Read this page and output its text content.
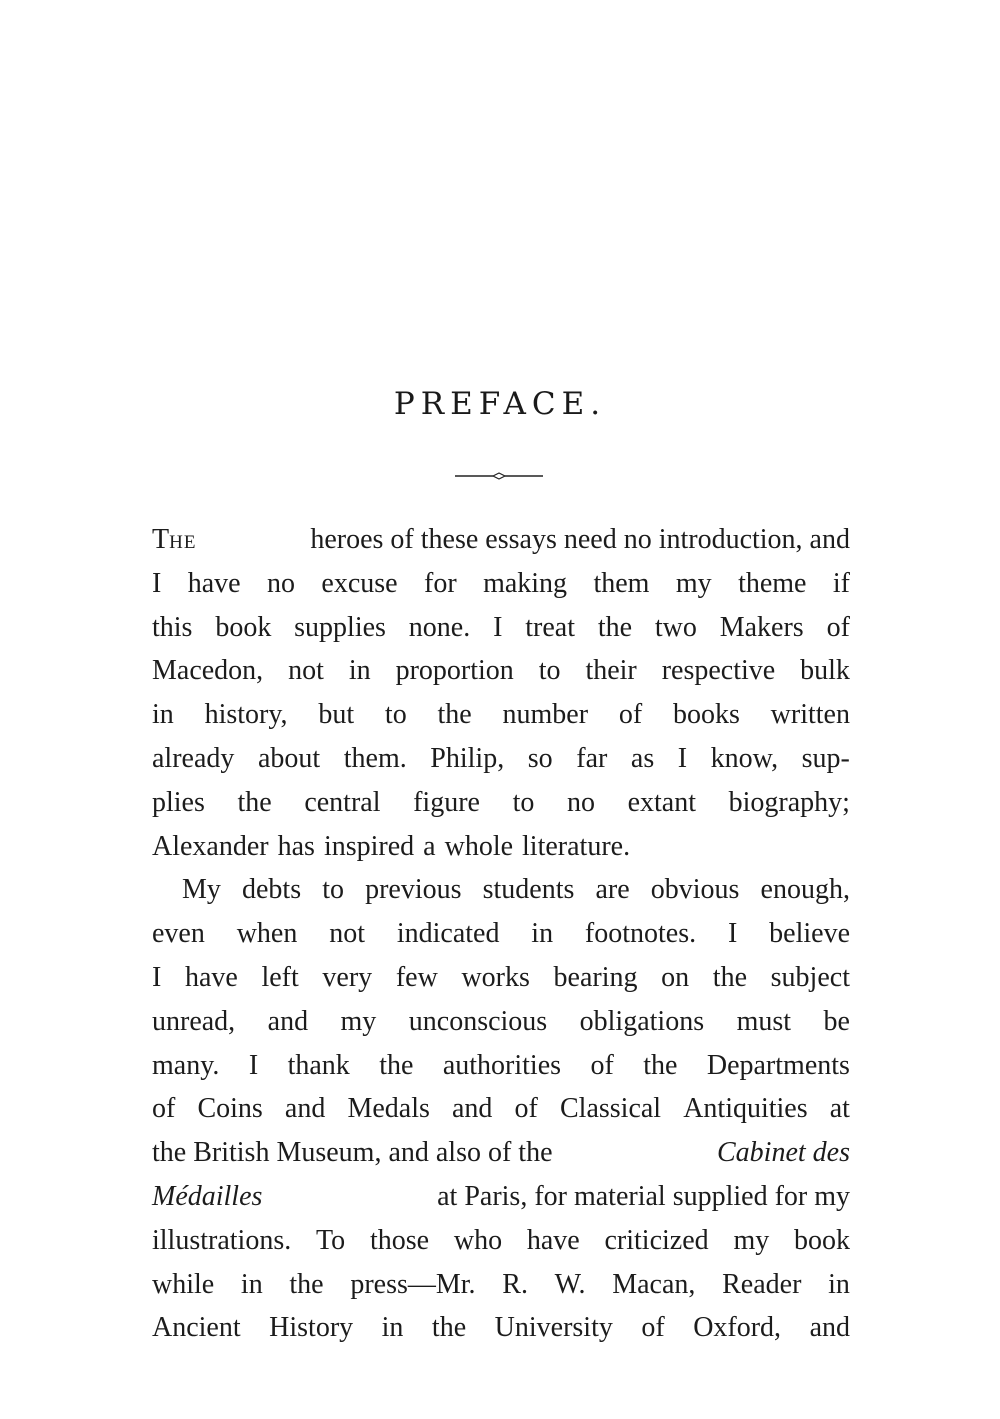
PREFACE.
THE	heroes of these essays need no introduction, and
I have no excuse for making them my theme if
this book supplies none. I treat the two Makers of
Macedon, not in proportion to their respective bulk
in history, but to the number of books written
already about them. Philip, so far as I know, sup-
plies the central figure to no extant biography;
Alexander has inspired a whole literature.
My debts to previous students are obvious enough,
even when not indicated in footnotes. I believe
I have left very few works bearing on the subject
unread, and my unconscious obligations must be
many. I thank the authorities of the Departments
of Coins and Medals and of Classical Antiquities at
the British Museum, and also of the	Cabinet des
Médailles	at Paris, for material supplied for my
illustrations. To those who have criticized my book
while in the press—Mr. R. W. Macan, Reader in
Ancient History in the University of Oxford, and
